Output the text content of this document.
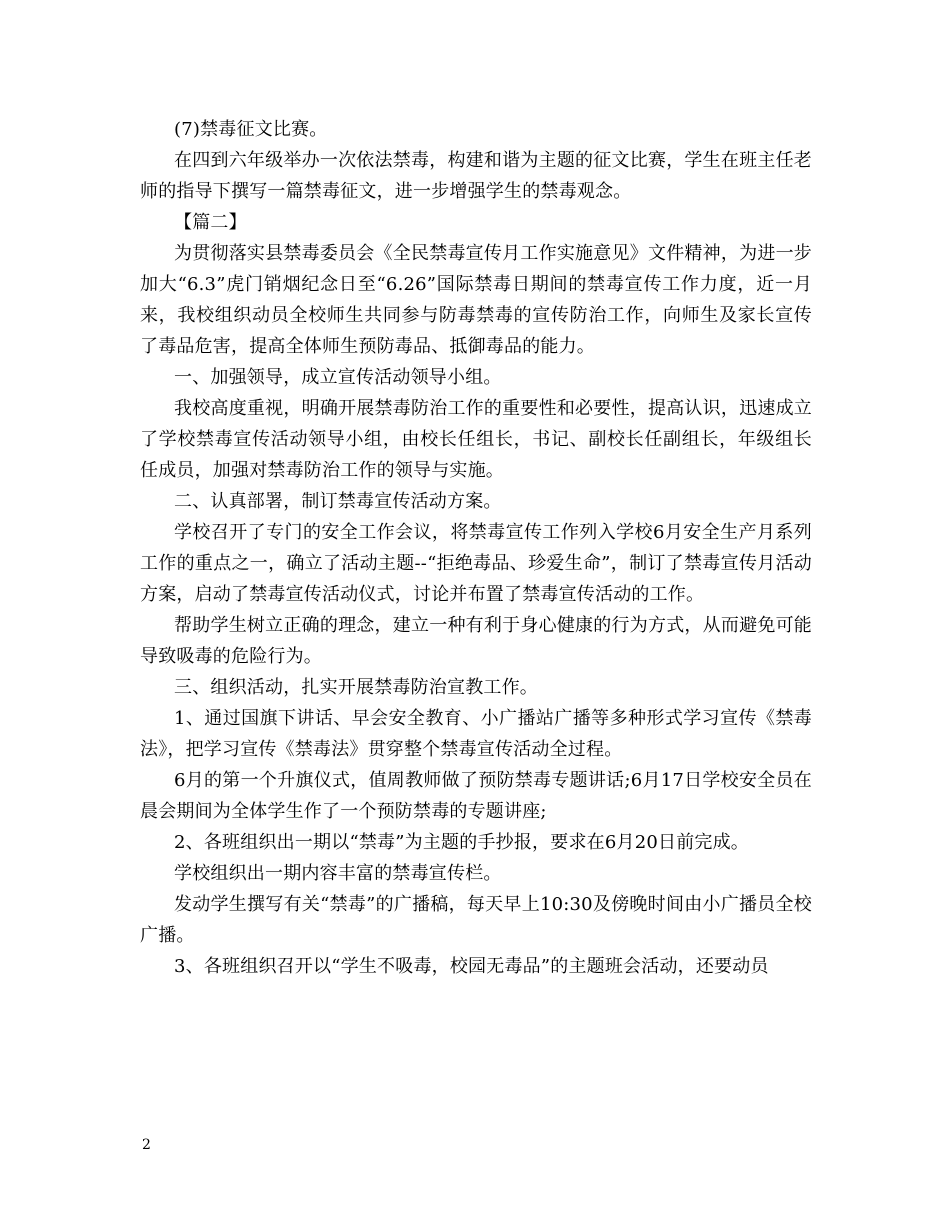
(7)禁毒征文比赛。

在四到六年级举办一次依法禁毒，构建和谐为主题的征文比赛，学生在班主任老师的指导下撰写一篇禁毒征文，进一步增强学生的禁毒观念。

【篇二】

为贯彻落实县禁毒委员会《全民禁毒宣传月工作实施意见》文件精神，为进一步加大“6.3”虎门销烟纪念日至“6.26”国际禁毒日期间的禁毒宣传工作力度，近一月来，我校组织动员全校师生共同参与防毒禁毒的宣传防治工作，向师生及家长宣传了毒品危害，提高全体师生预防毒品、抵御毒品的能力。

一、加强领导，成立宣传活动领导小组。

我校高度重视，明确开展禁毒防治工作的重要性和必要性，提高认识，迅速成立了学校禁毒宣传活动领导小组，由校长任组长，书记、副校长任副组长，年级组长任成员，加强对禁毒防治工作的领导与实施。

二、认真部署，制订禁毒宣传活动方案。

学校召开了专门的安全工作会议，将禁毒宣传工作列入学校6月安全生产月系列工作的重点之一，确立了活动主题--“拒绝毒品、珍爱生命”，制订了禁毒宣传月活动方案，启动了禁毒宣传活动仪式，讨论并布置了禁毒宣传活动的工作。

帮助学生树立正确的理念，建立一种有利于身心健康的行为方式，从而避免可能导致吸毒的危险行为。

三、组织活动，扎实开展禁毒防治宣教工作。

1、通过国旗下讲话、早会安全教育、小广播站广播等多种形式学习宣传《禁毒法》，把学习宣传《禁毒法》贯穿整个禁毒宣传活动全过程。

6月的第一个升旗仪式，值周教师做了预防禁毒专题讲话;6月17日学校安全员在晨会期间为全体学生作了一个预防禁毒的专题讲座;

2、各班组织出一期以“禁毒”为主题的手抄报，要求在6月20日前完成。

学校组织出一期内容丰富的禁毒宣传栏。

发动学生撰写有关“禁毒”的广播稿，每天早上10:30及傍晚时间由小广播员全校广播。

3、各班组织召开以“学生不吸毒，校园无毒品”的主题班会活动，还要动员

2
